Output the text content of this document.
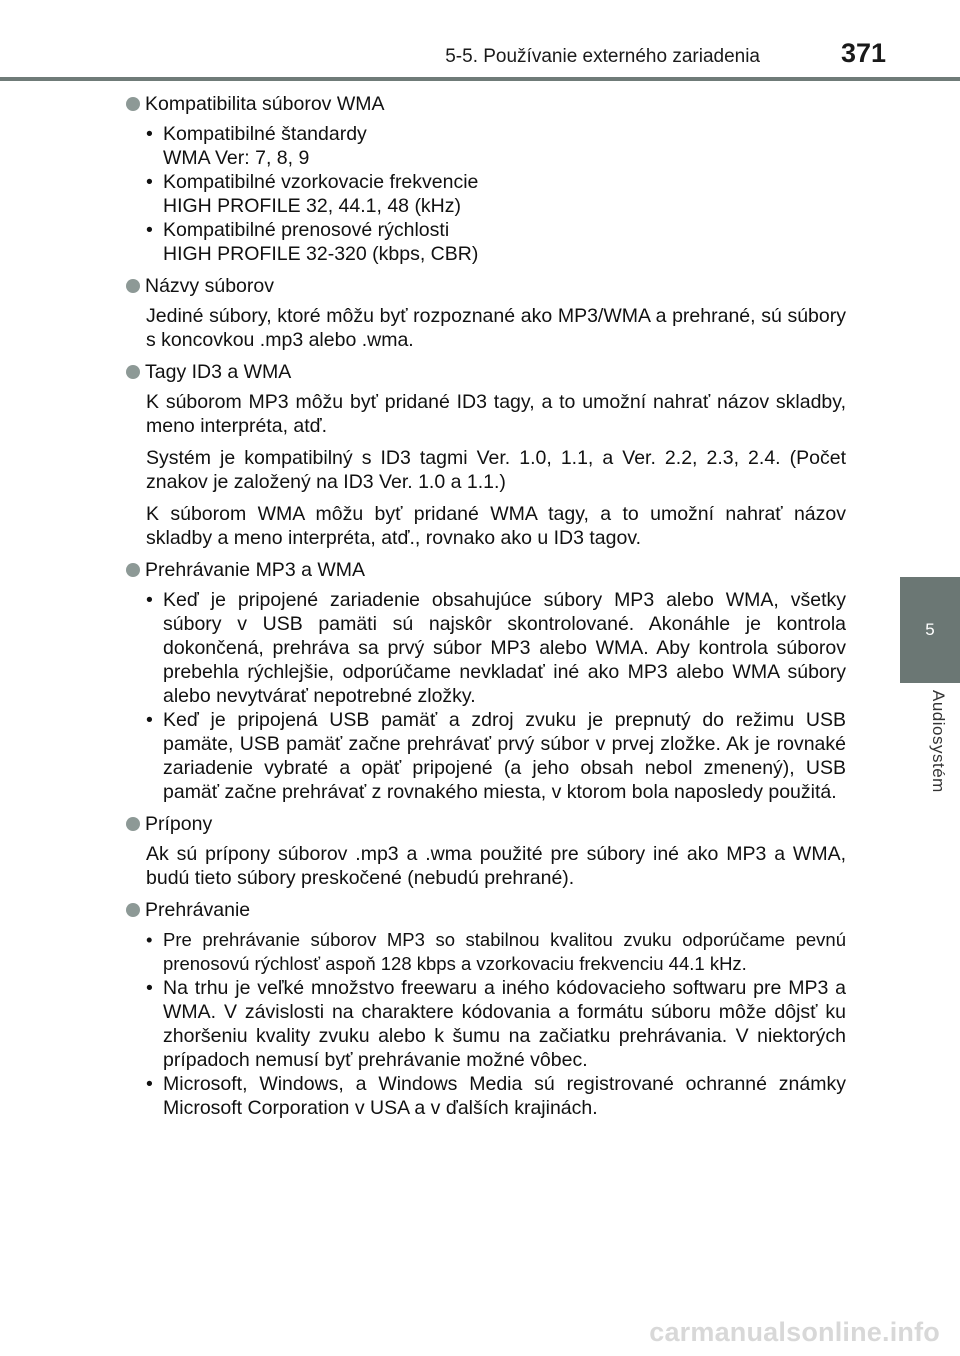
5-5. Používanie externého zariadenia	371
5
Audiosystém
Kompatibilita súborov WMA
• Kompatibilné štandardy
WMA Ver: 7, 8, 9
• Kompatibilné vzorkovacie frekvencie
HIGH PROFILE 32, 44.1, 48 (kHz)
• Kompatibilné prenosové rýchlosti
HIGH PROFILE 32-320 (kbps, CBR)
Názvy súborov

Jediné súbory, ktoré môžu byť rozpoznané ako MP3/WMA a prehrané, sú súbory s koncovkou .mp3 alebo .wma.

Tagy ID3 a WMA

K súborom MP3 môžu byť pridané ID3 tagy, a to umožní nahrať názov skladby, meno interpréta, atď.

Systém je kompatibilný s ID3 tagmi Ver. 1.0, 1.1, a Ver. 2.2, 2.3, 2.4. (Počet znakov je založený na ID3 Ver. 1.0 a 1.1.)

K súborom WMA môžu byť pridané WMA tagy, a to umožní nahrať názov skladby a meno interpréta, atď., rovnako ako u ID3 tagov.

Prehrávanie MP3 a WMA
• Keď je pripojené zariadenie obsahujúce súbory MP3 alebo WMA, všetky súbory v USB pamäti sú najskôr skontrolované. Akonáhle je kontrola dokončená, prehráva sa prvý súbor MP3 alebo WMA. Aby kontrola súborov prebehla rýchlejšie, odporúčame nevkladať iné ako MP3 alebo WMA súbory alebo nevytvárať nepotrebné zložky.
• Keď je pripojená USB pamäť a zdroj zvuku je prepnutý do režimu USB pamäte, USB pamäť začne prehrávať prvý súbor v prvej zložke. Ak je rovnaké zariadenie vybraté a opäť pripojené (a jeho obsah nebol zmenený), USB pamäť začne prehrávať z rovnakého miesta, v ktorom bola naposledy použitá.
Prípony

Ak sú prípony súborov .mp3 a .wma použité pre súbory iné ako MP3 a WMA, budú tieto súbory preskočené (nebudú prehrané).

Prehrávanie
• Pre prehrávanie súborov MP3 so stabilnou kvalitou zvuku odporúčame pevnú prenosovú rýchlosť aspoň 128 kbps a vzorkovaciu frekvenciu 44.1 kHz.
• Na trhu je veľké množstvo freewaru a iného kódovacieho softwaru pre MP3 a WMA. V závislosti na charaktere kódovania a formátu súboru môže dôjsť ku zhoršeniu kvality zvuku alebo k šumu na začiatku prehrávania. V niektorých prípadoch nemusí byť prehrávanie možné vôbec.
• Microsoft, Windows, a Windows Media sú registrované ochranné známky Microsoft Corporation v USA a v ďalších krajinách.
carmanualsonline.info
